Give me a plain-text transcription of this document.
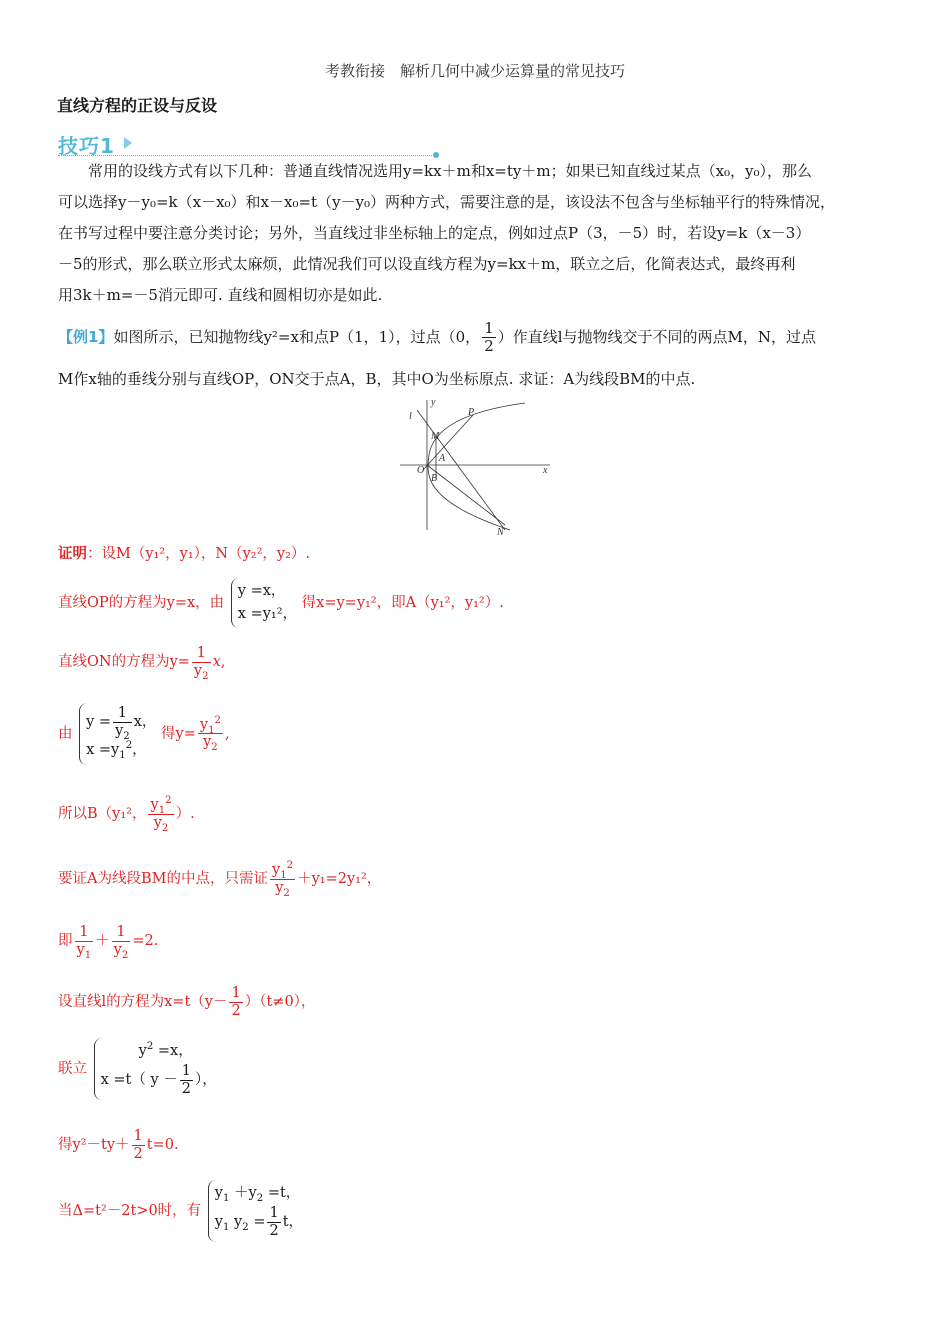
考教衔接　解析几何中减少运算量的常见技巧
直线方程的正设与反设
技巧1
常用的设线方式有以下几种：普通直线情况选用y=kx＋m和x=ty＋m；如果已知直线过某点（x₀，y₀），那么
可以选择y－y₀=k（x－x₀）和x－x₀=t（y－y₀）两种方式，需要注意的是，该设法不包含与坐标轴平行的特殊情况，
在书写过程中要注意分类讨论；另外，当直线过非坐标轴上的定点，例如过点P（3，－5）时，若设y=k（x－3）
－5的形式，那么联立形式太麻烦，此情况我们可以设直线方程为y=kx＋m，联立之后，化简表达式，最终再利
用3k＋m=－5消元即可. 直线和圆相切亦是如此.
【例1】如图所示，已知抛物线y²=x和点P（1，1），过点（0， $\frac{1}{2}$ ）作直线l与抛物线交于不同的两点M，N，过点
M作x轴的垂线分别与直线OP，ON交于点A，B，其中O为坐标原点. 求证：A为线段BM的中点.
l
y
P
M
A
O
B
x
N
证明：设M（y₁²，y₁），N（y₂²，y₂）.
直线OP的方程为y=x，由
y =x，
x =y₁²，
得x=y=y₁²，即A（y₁²，y₁²）.
直线ON的方程为$y= \frac{1}{y_2} x$,
由
$y = \frac{1}{y_2}$ x，
$x =y_1^2$，
得$y= \frac{y_1^2}{y_2}$ ,
所以B（y₁²， $\frac{y_1^2}{y_2}$ ）.
要证A为线段BM的中点，只需证 $\frac{y_1^2}{y_2} +y_1=2y_1^2$，
即 $\frac{1}{y_1} + \frac{1}{y_2} =2$.
设直线l的方程为$x=t(y- \frac{1}{2} )(t\ne 0)$，
联立
$y^2 =x$，
x =t（ $y - \frac{1}{2}$ ），
得$y^2-ty+ \frac{1}{2} t=0$.
当Δ=t²－2t>0时，有
$y_1 +y_2 =t$，
$y_1$ $y_2 = \frac{1}{2}$ t，
